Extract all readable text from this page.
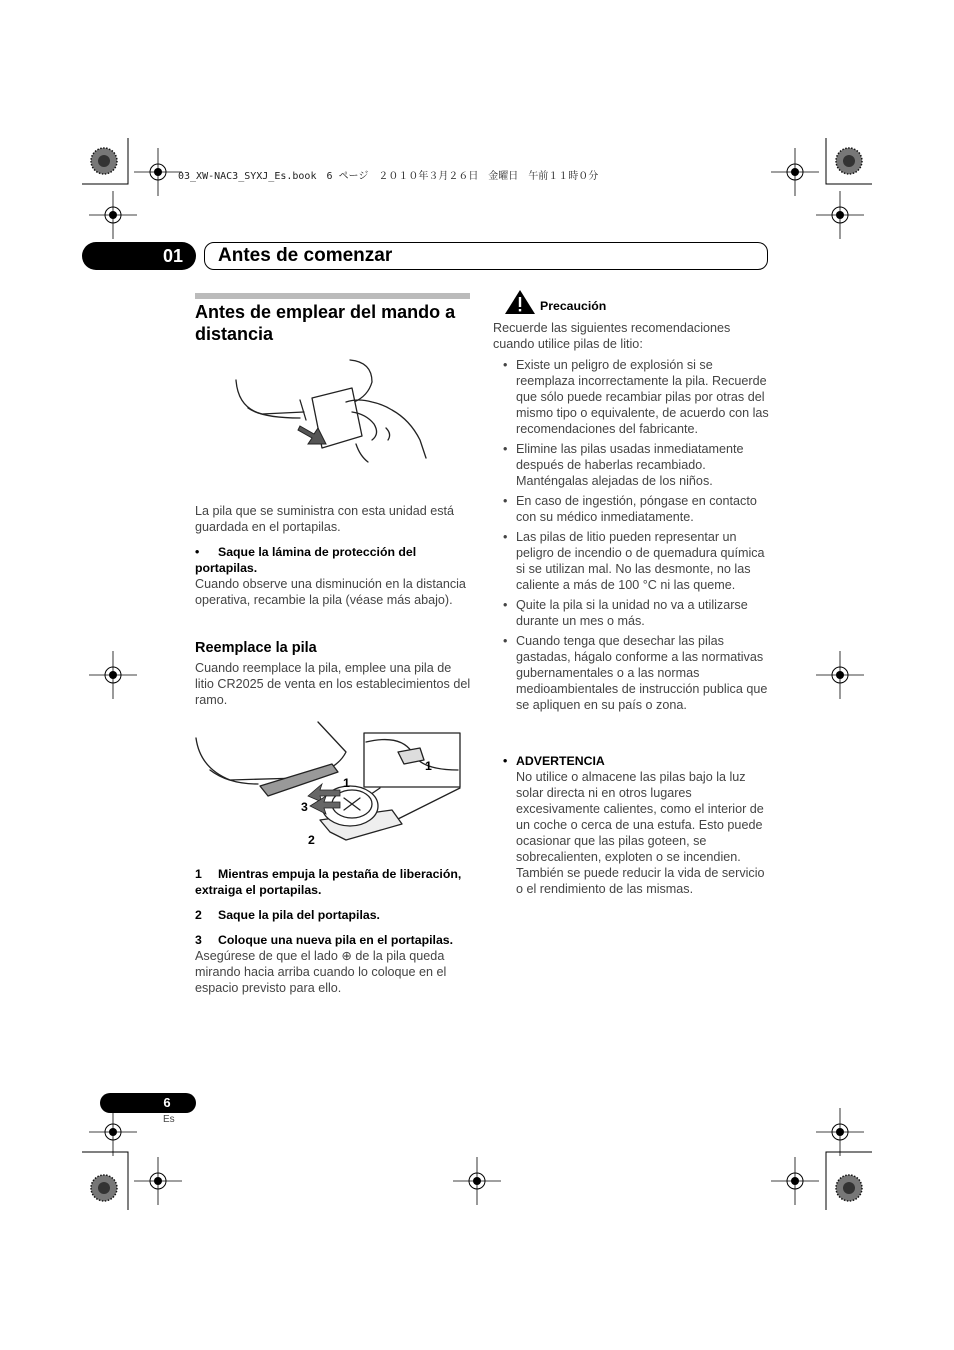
03_XW-NAC3_SYXJ_Es.book　6 ページ　２０１０年３月２６日　金曜日　午前１１時０分
01	Antes de comenzar
Antes de emplear del mando a distancia
La pila que se suministra con esta unidad está guardada en el portapilas.
•	Saque la lámina de protección del portapilas.
Cuando observe una disminución en la distancia operativa, recambie la pila (véase más abajo).
Reemplace la pila
Cuando reemplace la pila, emplee una pila de litio CR2025 de venta en los establecimientos del ramo.
1
2
3
1
1 Mientras empuja la pestaña de liberación, extraiga el portapilas.
2 Saque la pila del portapilas.
3 Coloque una nueva pila en el portapilas.
Asegúrese de que el lado ⊕ de la pila queda mirando hacia arriba cuando lo coloque en el espacio previsto para ello.
Precaución
Recuerde las siguientes recomendaciones cuando utilice pilas de litio:
• Existe un peligro de explosión si se reemplaza incorrectamente la pila. Recuerde que sólo puede recambiar pilas por otras del mismo tipo o equivalente, de acuerdo con las recomendaciones del fabricante.
• Elimine las pilas usadas inmediatamente después de haberlas recambiado. Manténgalas alejadas de los niños.
• En caso de ingestión, póngase en contacto con su médico inmediatamente.
• Las pilas de litio pueden representar un peligro de incendio o de quemadura química si se utilizan mal. No las desmonte, no las caliente a más de 100 °C ni las queme.
• Quite la pila si la unidad no va a utilizarse durante un mes o más.
• Cuando tenga que desechar las pilas gastadas, hágalo conforme a las normativas gubernamentales o a las normas medioambientales de instrucción publica que se apliquen en su país o zona.
• ADVERTENCIA
No utilice o almacene las pilas bajo la luz solar directa ni en otros lugares excesivamente calientes, como el interior de un coche o cerca de una estufa. Esto puede ocasionar que las pilas goteen, se sobrecalienten, exploten o se incendien. También se puede reducir la vida de servicio o el rendimiento de las mismas.
6
Es
